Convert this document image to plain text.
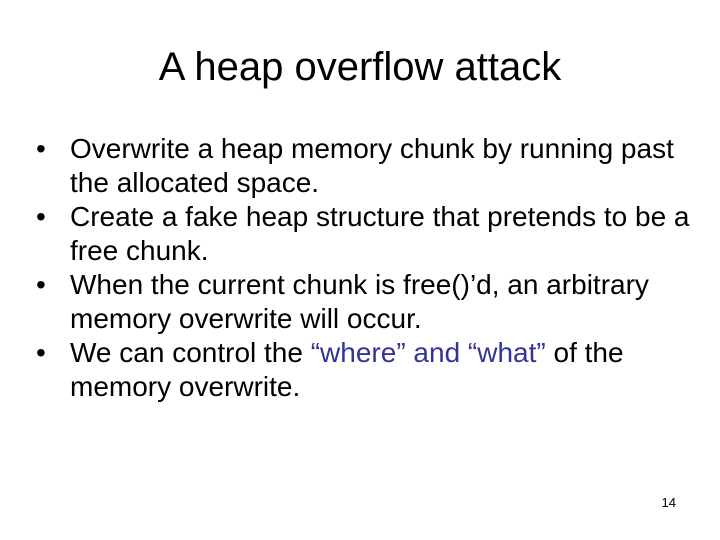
A heap overflow attack
• Overwrite a heap memory chunk by running past the allocated space.
• Create a fake heap structure that pretends to be a free chunk.
• When the current chunk is free()’d, an arbitrary memory overwrite will occur.
• We can control the “where” and “what” of the memory overwrite.
14
